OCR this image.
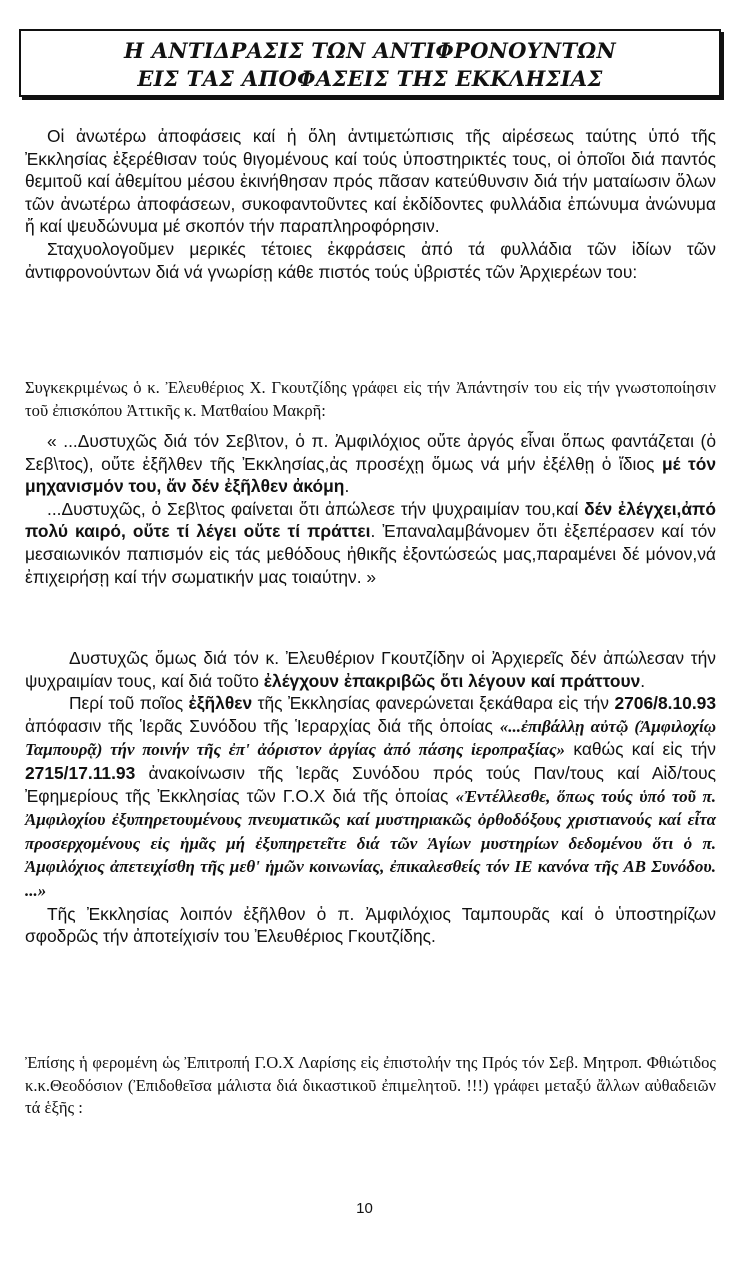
Η ΑΝΤΙΔΡΑΣΙΣ ΤΩΝ ΑΝΤΙΦΡΟΝΟΥΝΤΩΝ
ΕΙΣ ΤΑΣ ΑΠΟΦΑΣΕΙΣ ΤΗΣ ΕΚΚΛΗΣΙΑΣ

Οἱ ἀνωτέρω ἀποφάσεις καί ἡ ὅλη ἀντιμετώπισις τῆς αἱρέσεως ταύτης ὑπό τῆς Ἐκκλησίας ἐξερέθισαν τούς θιγομένους καί τούς ὑποστηρικτές τους, οἱ ὁποῖοι διά παντός θεμιτοῦ καί ἀθεμίτου μέσου ἐκινήθησαν πρός πᾶσαν κατεύθυνσιν διά τήν ματαίωσιν ὅλων τῶν ἀνωτέρω ἀποφάσεων, συκοφαντοῦντες καί ἐκδίδοντες φυλλάδια ἐπώνυμα ἀνώνυμα ἤ καί ψευδώνυμα μέ σκοπόν τήν παραπληροφόρησιν.

Σταχυολογοῦμεν μερικές τέτοιες ἐκφράσεις ἀπό τά φυλλάδια τῶν ἰδίων τῶν ἀντιφρονούντων διά νά γνωρίσῃ κάθε πιστός τούς ὑβριστές τῶν Ἀρχιερέων του:

Συγκεκριμένως ὁ κ. Ἐλευθέριος Χ. Γκουτζίδης γράφει εἰς τήν Ἀπάντησίν του εἰς τήν γνωστοποίησιν τοῦ ἐπισκόπου Ἀττικῆς κ. Ματθαίου Μακρῆ:

« ...Δυστυχῶς διά τόν Σεβ\τον, ὁ π. Ἀμφιλόχιος οὔτε ἀργός εἶναι ὅπως φαντάζεται (ὁ Σεβ\τος), οὔτε ἐξῆλθεν τῆς Ἐκκλησίας,ἀς προσέχῃ ὅμως νά μήν ἐξέλθῃ ὁ ἴδιος μέ τόν μηχανισμόν του, ἄν δέν ἐξῆλθεν ἀκόμη.

...Δυστυχῶς, ὁ Σεβ\τος φαίνεται ὅτι ἀπώλεσε τήν ψυχραιμίαν του,καί δέν ἐλέγχει,ἀπό πολύ καιρό, οὔτε τί λέγει οὔτε τί πράττει. Ἐπαναλαμβάνομεν ὅτι ἐξεπέρασεν καί τόν μεσαιωνικόν παπισμόν εἰς τάς μεθόδους ἠθικῆς ἐξοντώσεώς μας,παραμένει δέ μόνον,νά ἐπιχειρήσῃ καί τήν σωματικήν μας τοιαύτην. »

Δυστυχῶς ὅμως διά τόν κ. Ἐλευθέριον Γκουτζίδην οἱ Ἀρχιερεῖς δέν ἀπώλεσαν τήν ψυχραιμίαν τους, καί διά τοῦτο ἐλέγχουν ἐπακριβῶς ὅτι λέγουν καί πράττουν.

Περί τοῦ ποῖος ἐξῆλθεν τῆς Ἐκκλησίας φανερώνεται ξεκάθαρα εἰς τήν 2706/8.10.93 ἀπόφασιν τῆς Ἱερᾶς Συνόδου τῆς Ἱεραρχίας διά τῆς ὁποίας «...ἐπιβάλλῃ αὐτῷ (Ἀμφιλοχίῳ Ταμπουρᾷ) τήν ποινήν τῆς ἐπ' ἀόριστον ἀργίας ἀπό πάσης ἱεροπραξίας» καθώς καί εἰς τήν 2715/17.11.93 ἀνακοίνωσιν τῆς Ἱερᾶς Συνόδου πρός τούς Παν/τους καί Αἰδ/τους Ἐφημερίους τῆς Ἐκκλησίας τῶν Γ.Ο.Χ διά τῆς ὁποίας «Ἐντέλλεσθε, ὅπως τούς ὑπό τοῦ π. Ἀμφιλοχίου ἐξυπηρετουμένους πνευματικῶς καί μυστηριακῶς ὀρθοδόξους χριστιανούς καί εἶτα προσερχομένους εἰς ἡμᾶς μή ἐξυπηρετεῖτε διά τῶν Ἁγίων μυστηρίων δεδομένου ὅτι ὁ π. Ἀμφιλόχιος ἀπετειχίσθη τῆς μεθ' ἡμῶν κοινωνίας, ἐπικαλεσθείς τόν ΙΕ κανόνα τῆς ΑΒ Συνόδου. ...»

Τῆς Ἐκκλησίας λοιπόν ἐξῆλθον ὁ π. Ἀμφιλόχιος Ταμπουρᾶς καί ὁ ὑποστηρίζων σφοδρῶς τήν ἀποτείχισίν του Ἐλευθέριος Γκουτζίδης.

Ἐπίσης ἡ φερομένη ὡς Ἐπιτροπή Γ.Ο.Χ Λαρίσης εἰς ἐπιστολήν της Πρός τόν Σεβ. Μητροπ. Φθιώτιδος κ.κ.Θεοδόσιον (Ἐπιδοθεῖσα μάλιστα διά δικαστικοῦ ἐπιμελητοῦ. !!!) γράφει μεταξύ ἄλλων αὐθαδειῶν τά ἑξῆς :

10
